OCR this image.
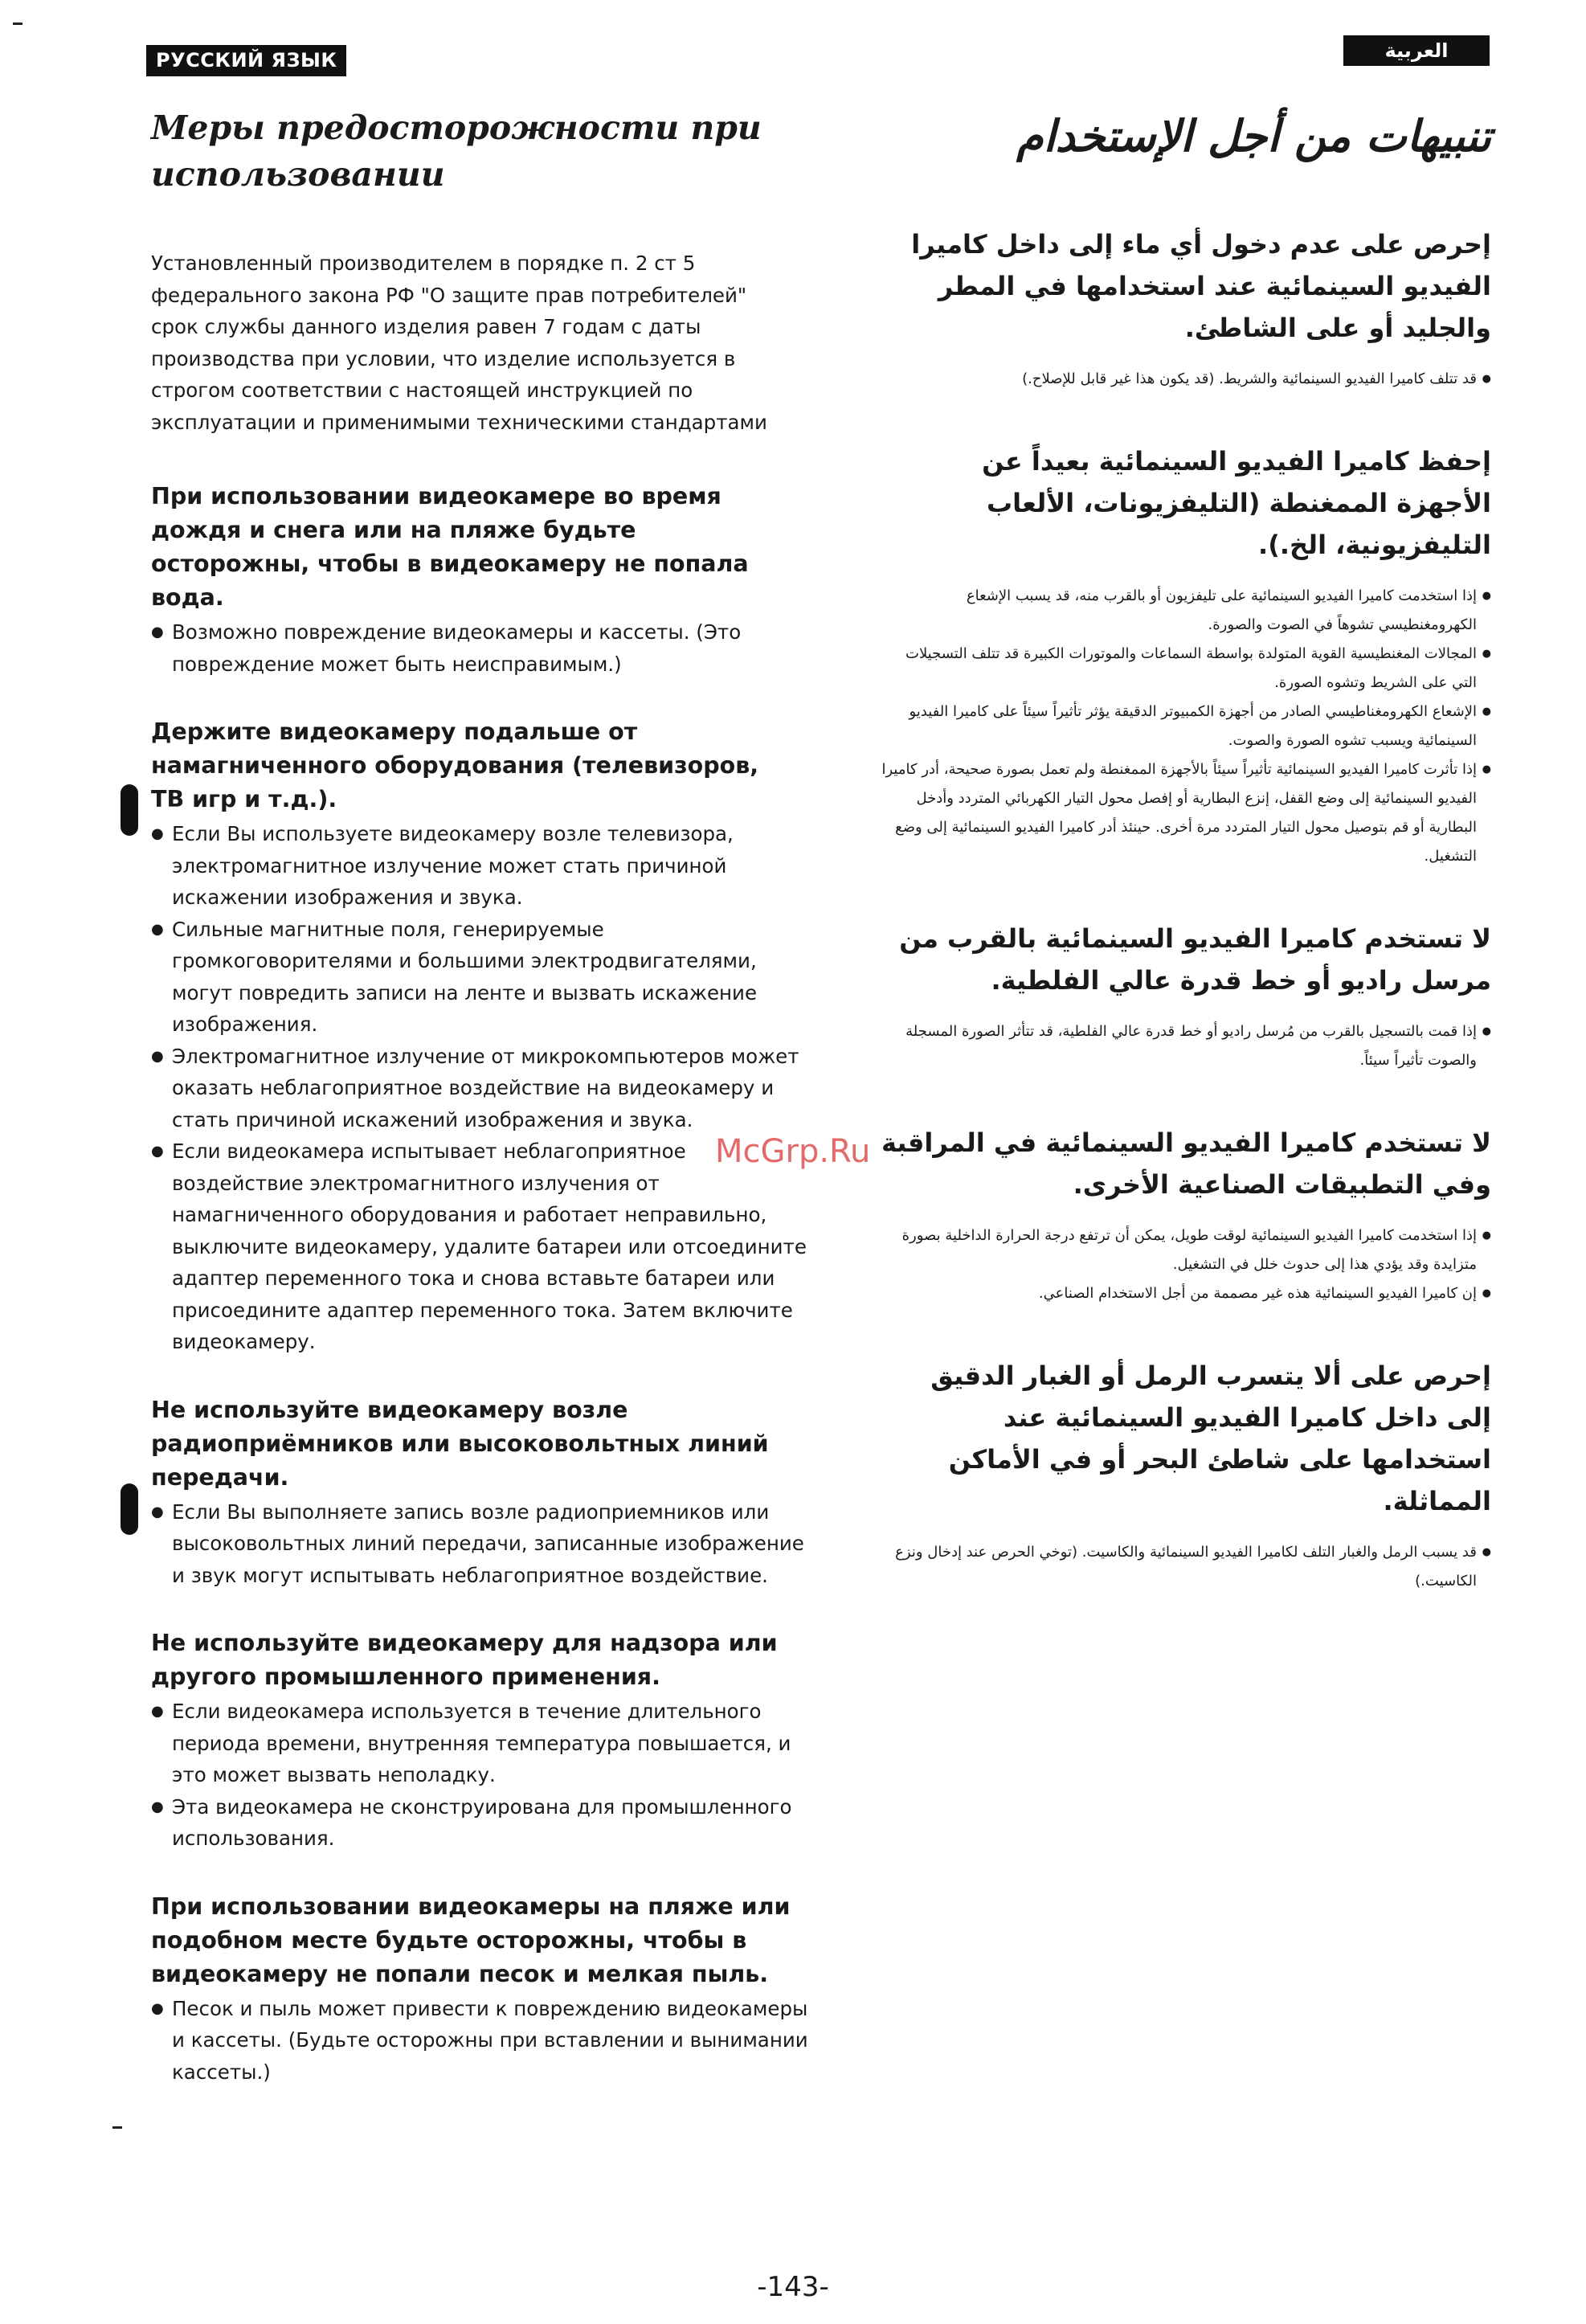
РУССКИЙ ЯЗЫК	العربية
Меры предосторожности при использовании

Установленный производителем в порядке п. 2 ст 5 федерального закона РФ "О защите прав потребителей" срок службы данного изделия равен 7 годам с даты производства при условии, что изделие используется в строгом соответствии с настоящей инструкцией по эксплуатации и применимыми техническими стандартами

При использовании видеокамере во время дождя и снега или на пляже будьте осторожны, чтобы в видеокамеру не попала вода.

● Возможно повреждение видеокамеры и кассеты. (Это повреждение может быть неисправимым.)

Держите видеокамеру подальше от намагниченного оборудования (телевизоров, ТВ игр и т.д.).

● Если Вы используете видеокамеру возле телевизора, электромагнитное излучение может стать причиной искажении изображения и звука.

● Сильные магнитные поля, генерируемые громкоговорителями и большими электродвигателями, могут повредить записи на ленте и вызвать искажение изображения.

● Электромагнитное излучение от микрокомпьютеров может оказать неблагоприятное воздействие на видеокамеру и стать причиной искажений изображения и звука.

● Если видеокамера испытывает неблагоприятное воздействие электромагнитного излучения от намагниченного оборудования и работает неправильно, выключите видеокамеру, удалите батареи или отсоедините адаптер переменного тока и снова вставьте батареи или присоедините адаптер переменного тока. Затем включите видеокамеру.

Не используйте видеокамеру возле радиоприёмников или высоковольтных линий передачи.

● Если Вы выполняете запись возле радиоприемников или высоковольтных линий передачи, записанные изображение и звук могут испытывать неблагоприятное воздействие.

Не используйте видеокамеру для надзора или другого промышленного применения.

● Если видеокамера используется в течение длительного периода времени, внутренняя температура повышается, и это может вызвать неполадку.

● Эта видеокамера не сконструирована для промышленного использования.

При использовании видеокамеры на пляже или подобном месте будьте осторожны, чтобы в видеокамеру не попали песок и мелкая пыль.

● Песок и пыль может привести к повреждению видеокамеры и кассеты. (Будьте осторожны при вставлении и вынимании кассеты.)

تنبيهات من أجل الإستخدام
إحرص على عدم دخول أي ماء إلى داخل كاميرا الفيديو السينمائية عند استخدامها في المطر والجليد أو على الشاطئ.

● قد تتلف كاميرا الفيديو السينمائية والشريط. (قد يكون هذا غير قابل للإصلاح.)

إحفظ كاميرا الفيديو السينمائية بعيداً عن الأجهزة الممغنطة (التليفزيونات، الألعاب التليفزيونية، الخ.).

● إذا استخدمت كاميرا الفيديو السينمائية على تليفزيون أو بالقرب منه، قد يسبب الإشعاع الكهرومغنطيسي تشوهاً في الصوت والصورة.

● المجالات المغنطيسية القوية المتولدة بواسطة السماعات والموتورات الكبيرة قد تتلف التسجيلات التي على الشريط وتشوه الصورة.

● الإشعاع الكهرومغناطيسي الصادر من أجهزة الكمبيوتر الدقيقة يؤثر تأثيراً سيئاً على كاميرا الفيديو السينمائية ويسبب تشوه الصورة والصوت.

● إذا تأثرت كاميرا الفيديو السينمائية تأثيراً سيئاً بالأجهزة الممغنطة ولم تعمل بصورة صحيحة، أدر كاميرا الفيديو السينمائية إلى وضع القفل، إنزع البطارية أو إفصل محول التيار الكهربائي المتردد وأدخل البطارية أو قم بتوصيل محول التيار المتردد مرة أخرى. حينئذ أدر كاميرا الفيديو السينمائية إلى وضع التشغيل.

لا تستخدم كاميرا الفيديو السينمائية بالقرب من مرسل راديو أو خط قدرة عالي الفلطية.

● إذا قمت بالتسجيل بالقرب من مُرسل راديو أو خط قدرة عالي الفلطية، قد تتأثر الصورة المسجلة والصوت تأثيراً سيئاً.

لا تستخدم كاميرا الفيديو السينمائية في المراقبة وفي التطبيقات الصناعية الأخرى.

● إذا استخدمت كاميرا الفيديو السينمائية لوقت طويل، يمكن أن ترتفع درجة الحرارة الداخلية بصورة متزايدة وقد يؤدي هذا إلى حدوث خلل في التشغيل.

● إن كاميرا الفيديو السينمائية هذه غير مصممة من أجل الاستخدام الصناعي.

إحرص على ألا يتسرب الرمل أو الغبار الدقيق إلى داخل كاميرا الفيديو السينمائية عند استخدامها على شاطئ البحر أو في الأماكن المماثلة.

● قد يسبب الرمل والغبار التلف لكاميرا الفيديو السينمائية والكاسيت. (توخي الحرص عند إدخال ونزع الكاسيت.)

McGrp.Ru
-143-
